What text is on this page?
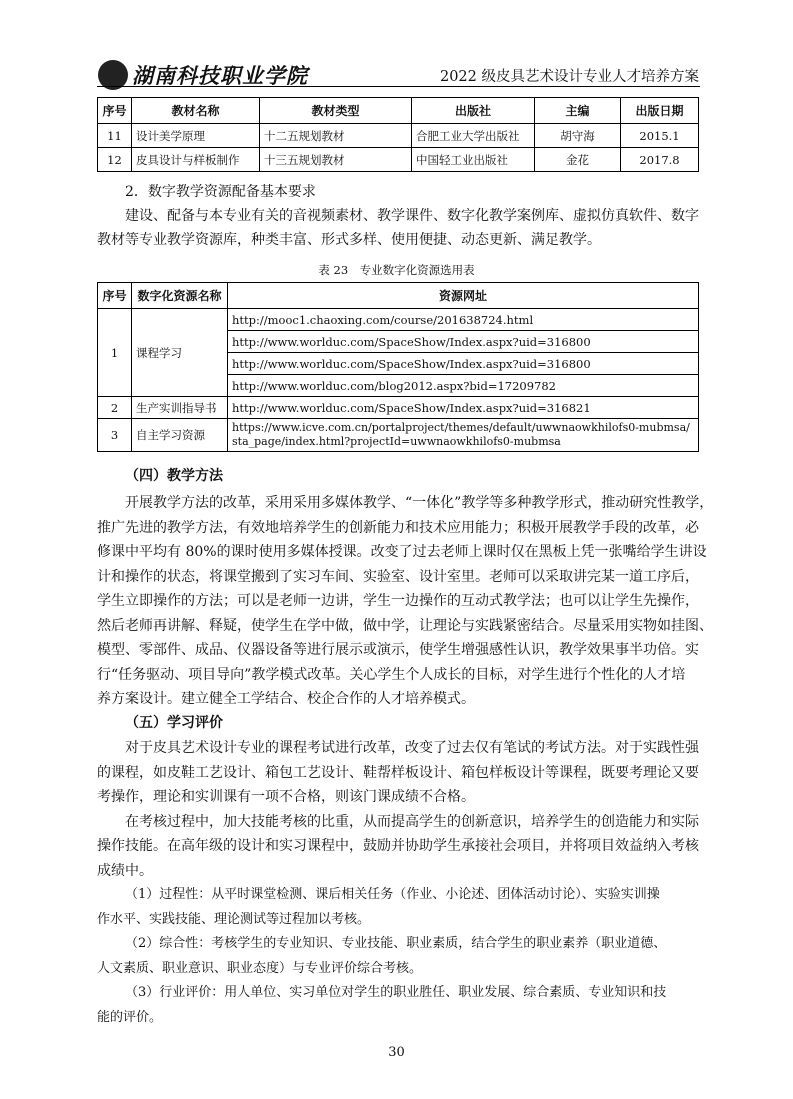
湖南科技职业学院	2022 级皮具艺术设计专业人才培养方案
序号	教材名称	教材类型	出版社	主编	出版日期
11	设计美学原理	十二五规划教材	合肥工业大学出版社	胡守海	2015.1
12	皮具设计与样板制作	十三五规划教材	中国轻工业出版社	金花	2017.8
2．数字教学资源配备基本要求
建设、配备与本专业有关的音视频素材、教学课件、数字化教学案例库、虚拟仿真软件、数字
教材等专业教学资源库，种类丰富、形式多样、使用便捷、动态更新、满足教学。
表 23　专业数字化资源选用表
序号	数字化资源名称	资源网址
1	课程学习	http://mooc1.chaoxing.com/course/201638724.html
		http://www.worlduc.com/SpaceShow/Index.aspx?uid=316800
		http://www.worlduc.com/SpaceShow/Index.aspx?uid=316800
		http://www.worlduc.com/blog2012.aspx?bid=17209782
2	生产实训指导书	http://www.worlduc.com/SpaceShow/Index.aspx?uid=316821
3	自主学习资源	https://www.icve.com.cn/portalproject/themes/default/uwwnaowkhilofs0-mubmsa/sta_page/index.html?projectId=uwwnaowkhilofs0-mubmsa
（四）教学方法
开展教学方法的改革，采用采用多媒体教学、“一体化”教学等多种教学形式，推动研究性教学，
推广先进的教学方法，有效地培养学生的创新能力和技术应用能力；积极开展教学手段的改革，必
修课中平均有 80%的课时使用多媒体授课。改变了过去老师上课时仅在黑板上凭一张嘴给学生讲设
计和操作的状态，将课堂搬到了实习车间、实验室、设计室里。老师可以采取讲完某一道工序后，
学生立即操作的方法；可以是老师一边讲，学生一边操作的互动式教学法；也可以让学生先操作，
然后老师再讲解、释疑，使学生在学中做，做中学，让理论与实践紧密结合。尽量采用实物如挂图、
模型、零部件、成品、仪器设备等进行展示或演示，使学生增强感性认识，教学效果事半功倍。实
行“任务驱动、项目导向”教学模式改革。关心学生个人成长的目标，对学生进行个性化的人才培
养方案设计。建立健全工学结合、校企合作的人才培养模式。
（五）学习评价
对于皮具艺术设计专业的课程考试进行改革，改变了过去仅有笔试的考试方法。对于实践性强
的课程，如皮鞋工艺设计、箱包工艺设计、鞋帮样板设计、箱包样板设计等课程，既要考理论又要
考操作，理论和实训课有一项不合格，则该门课成绩不合格。
在考核过程中，加大技能考核的比重，从而提高学生的创新意识，培养学生的创造能力和实际
操作技能。在高年级的设计和实习课程中，鼓励并协助学生承接社会项目，并将项目效益纳入考核
成绩中。
（1）过程性：从平时课堂检测、课后相关任务（作业、小论述、团体活动讨论）、实验实训操
作水平、实践技能、理论测试等过程加以考核。
（2）综合性：考核学生的专业知识、专业技能、职业素质，结合学生的职业素养（职业道德、
人文素质、职业意识、职业态度）与专业评价综合考核。
（3）行业评价：用人单位、实习单位对学生的职业胜任、职业发展、综合素质、专业知识和技
能的评价。
30
